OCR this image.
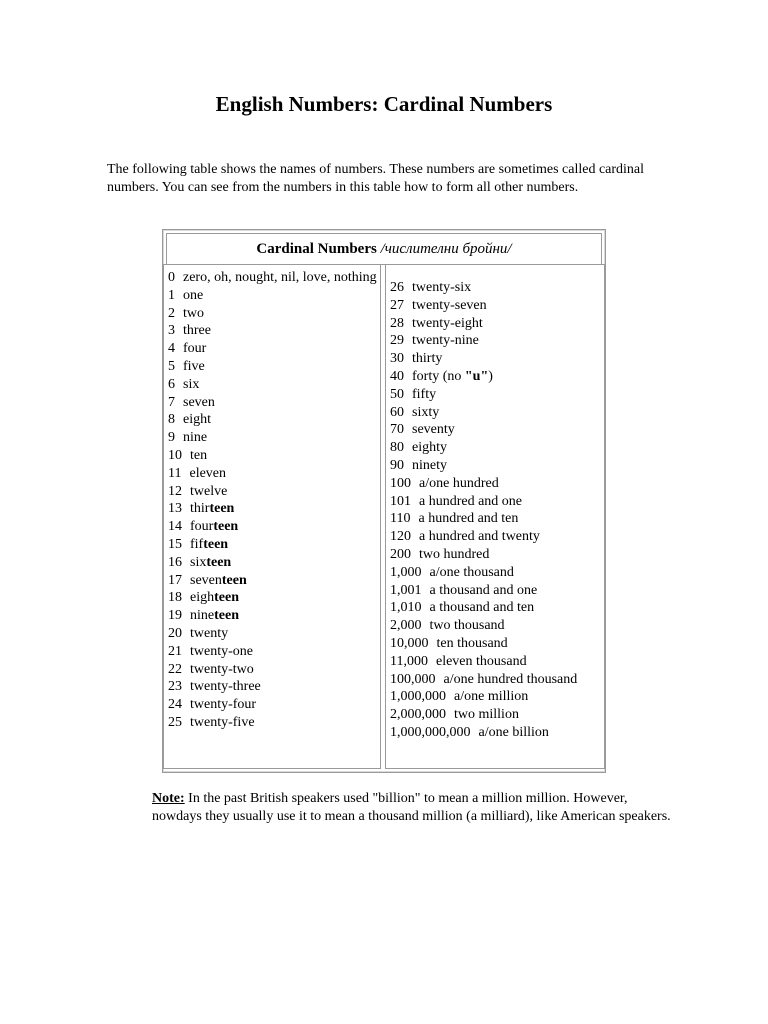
English Numbers: Cardinal Numbers

The following table shows the names of numbers. These numbers are sometimes called cardinal numbers. You can see from the numbers in this table how to form all other numbers.

Cardinal Numbers /числителни бройни/
0 zero, oh, nought, nil, love, nothing
1 one
2 two
3 three
4 four
5 five
6 six
7 seven
8 eight
9 nine
10 ten
11 eleven
12 twelve
13 thirteen
14 fourteen
15 fifteen
16 sixteen
17 seventeen
18 eighteen
19 nineteen
20 twenty
21 twenty-one
22 twenty-two
23 twenty-three
24 twenty-four
25 twenty-five
26 twenty-six
27 twenty-seven
28 twenty-eight
29 twenty-nine
30 thirty
40 forty (no "u")
50 fifty
60 sixty
70 seventy
80 eighty
90 ninety
100 a/one hundred
101 a hundred and one
110 a hundred and ten
120 a hundred and twenty
200 two hundred
1,000 a/one thousand
1,001 a thousand and one
1,010 a thousand and ten
2,000 two thousand
10,000 ten thousand
11,000 eleven thousand
100,000 a/one hundred thousand
1,000,000 a/one million
2,000,000 two million
1,000,000,000 a/one billion

Note: In the past British speakers used "billion" to mean a million million. However, nowdays they usually use it to mean a thousand million (a milliard), like American speakers.
